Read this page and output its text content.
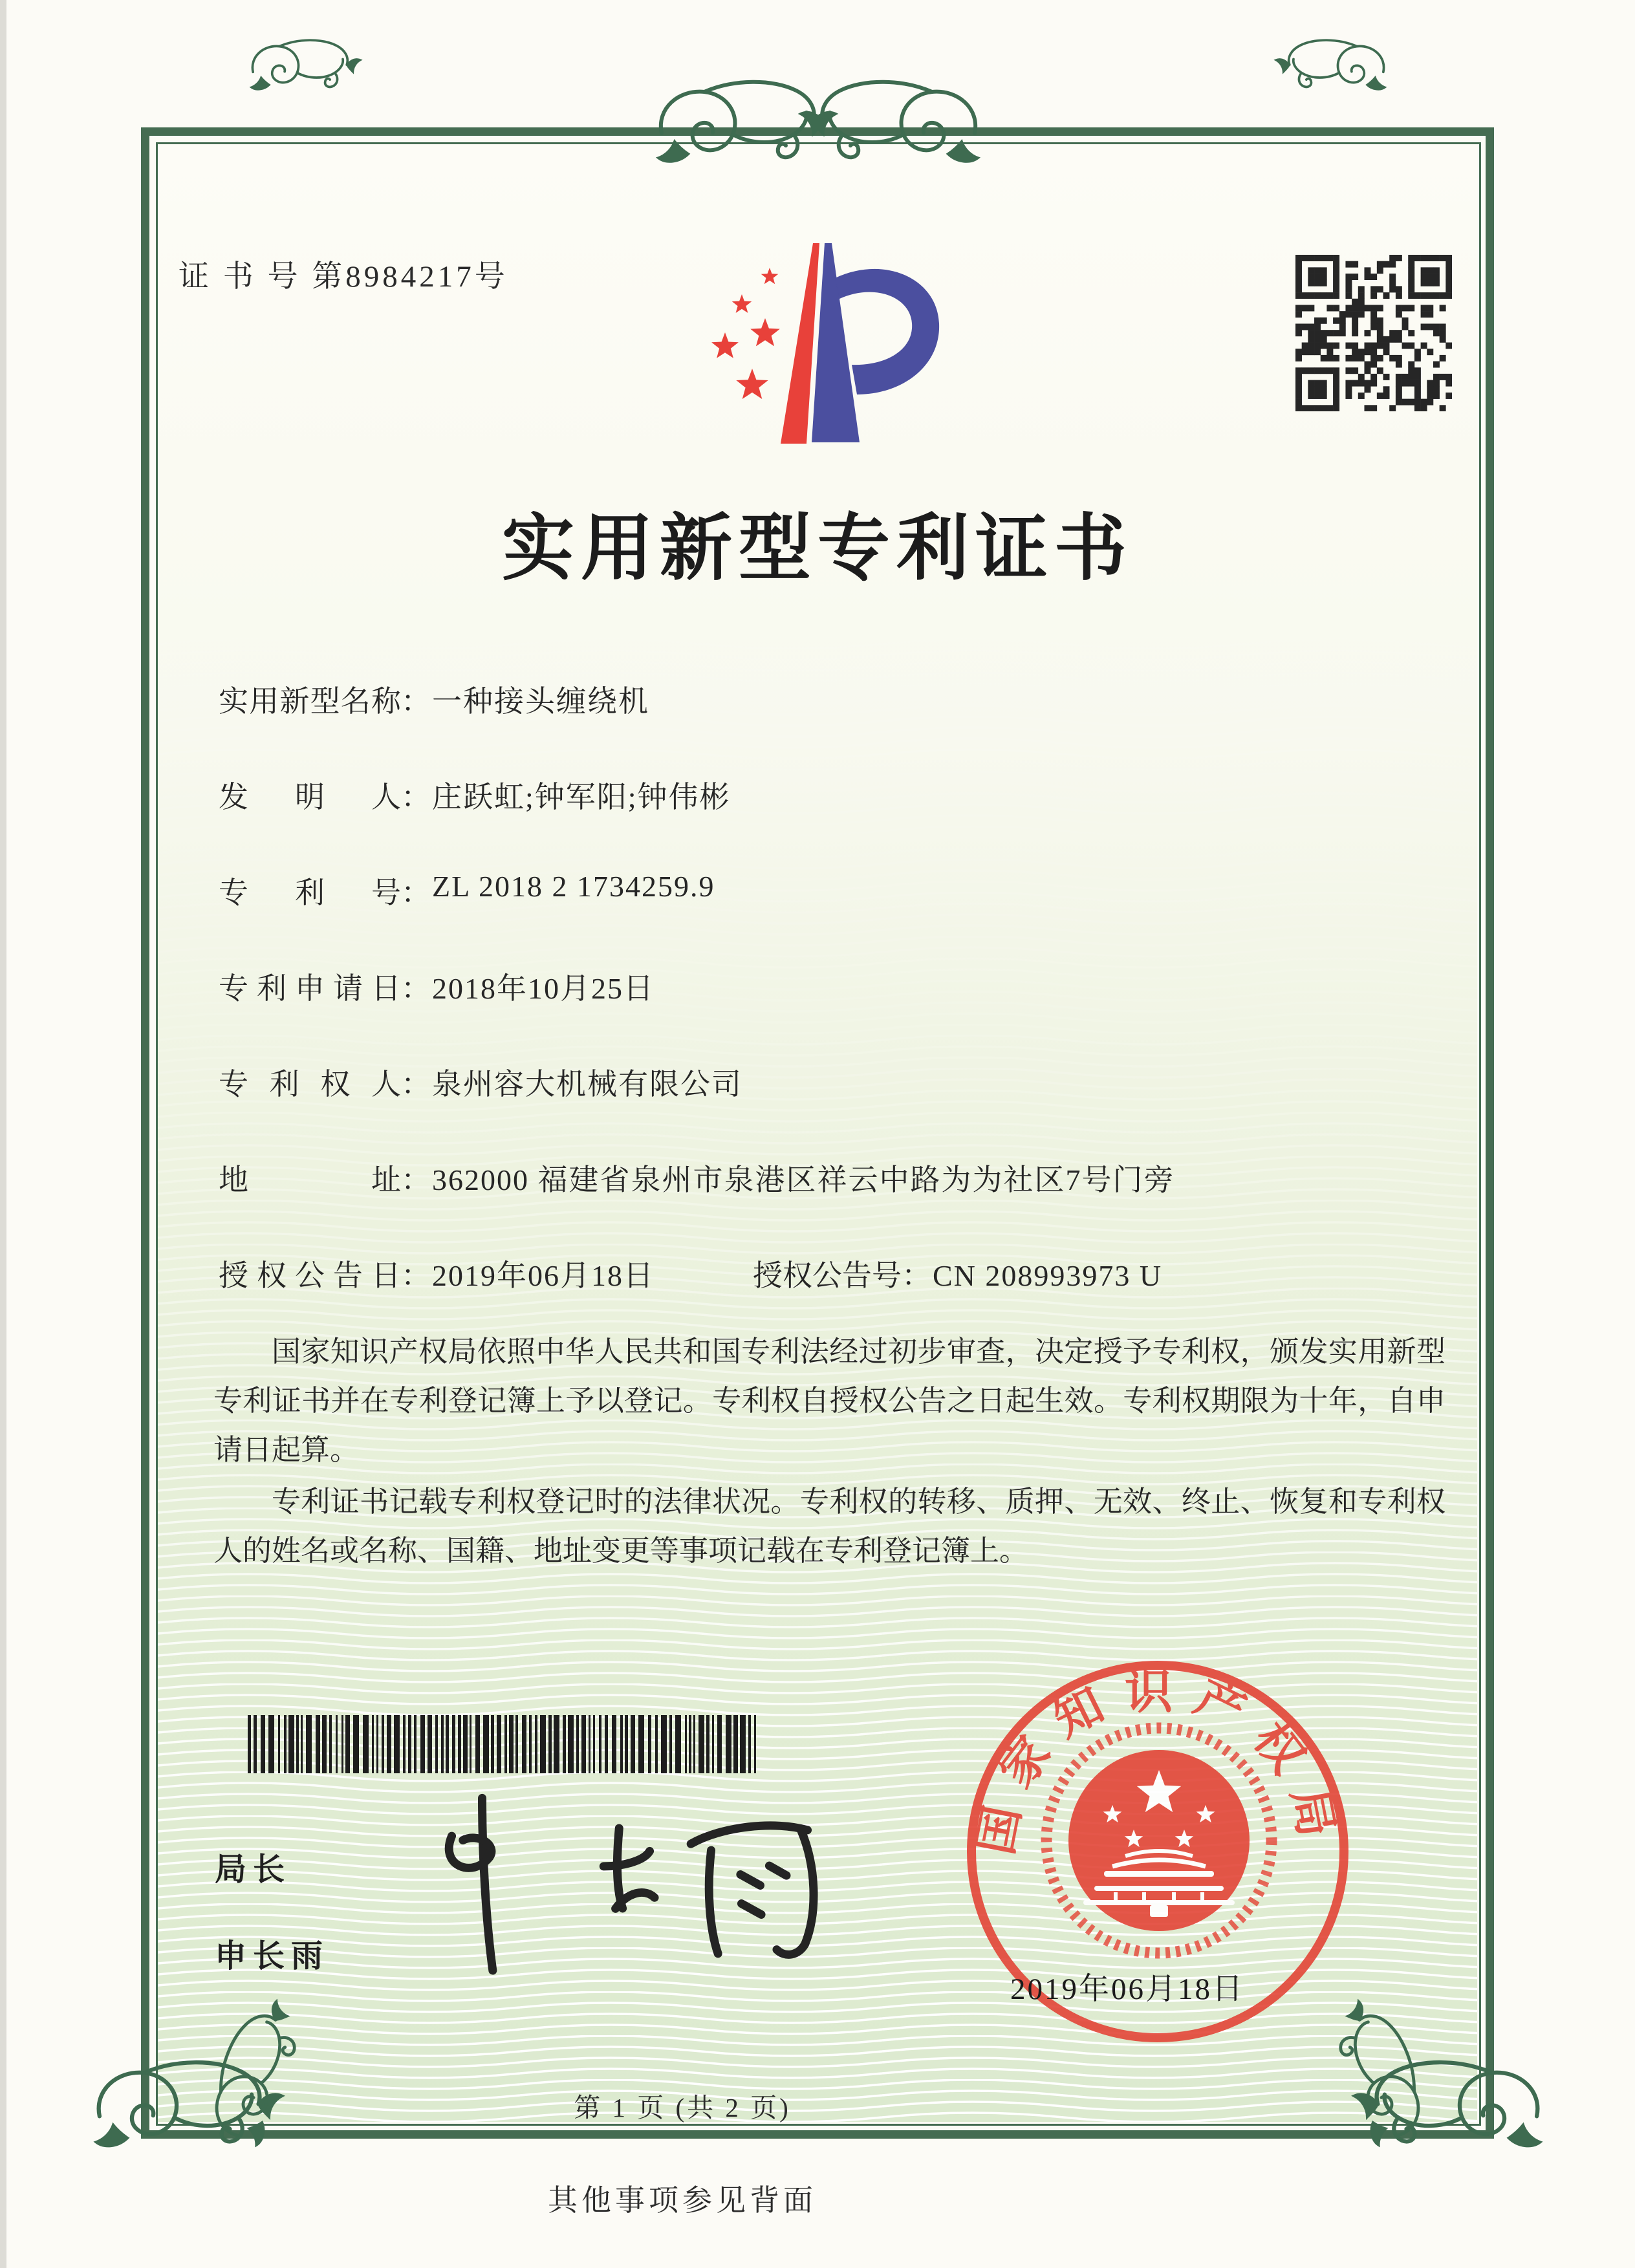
证 书 号 第8984217号
实用新型专利证书
实用新型名称：一种接头缠绕机
发明人：庄跃虹;钟军阳;钟伟彬
专利号：ZL 2018 2 1734259.9
专利申请日：2018年10月25日
专利权人：泉州容大机械有限公司
地址：362000 福建省泉州市泉港区祥云中路为为社区7号门旁
授权公告日：2019年06月18日	授权公告号：CN 208993973 U

国家知识产权局依照中华人民共和国专利法经过初步审查，决定授予专利权，颁发实用新型专利证书并在专利登记簿上予以登记。专利权自授权公告之日起生效。专利权期限为十年，自申请日起算。

专利证书记载专利权登记时的法律状况。专利权的转移、质押、无效、终止、恢复和专利权人的姓名或名称、国籍、地址变更等事项记载在专利登记簿上。

局长
申长雨
国家知识产权局
2019年06月18日
第 1 页 (共 2 页)
其他事项参见背面
